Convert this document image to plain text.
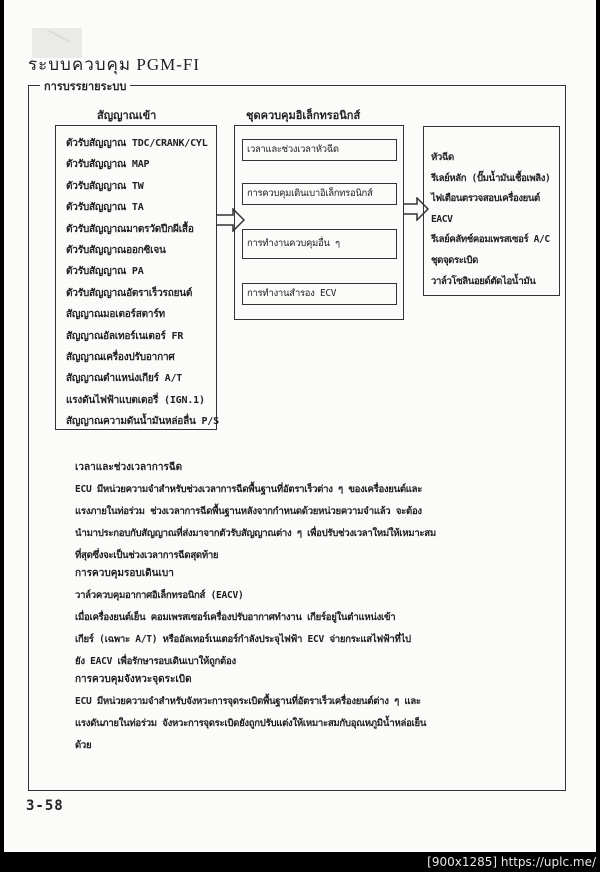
ระบบควบคุม PGM-FI
การบรรยายระบบ
สัญญาณเข้า
ตัวรับสัญญาณ TDC/CRANK/CYL
ตัวรับสัญญาณ MAP
ตัวรับสัญญาณ TW
ตัวรับสัญญาณ TA
ตัวรับสัญญาณมาตรวัดปีกผีเสื้อ
ตัวรับสัญญาณออกซิเจน
ตัวรับสัญญาณ PA
ตัวรับสัญญาณอัตราเร็วรถยนต์
สัญญาณมอเตอร์สตาร์ท
สัญญาณอัลเทอร์เนเตอร์ FR
สัญญาณเครื่องปรับอากาศ
สัญญาณตำแหน่งเกียร์ A/T
แรงดันไฟฟ้าแบตเตอรี่ (IGN.1)
สัญญาณความดันน้ำมันหล่อลื่น P/S
ชุดควบคุมอิเล็กทรอนิกส์
เวลาและช่วงเวลาหัวฉีด
การควบคุมเดินเบาอิเล็กทรอนิกส์
การทำงานควบคุมอื่น ๆ
การทำงานสำรอง ECV
หัวฉีด
รีเลย์หลัก (ปั๊มน้ำมันเชื้อเพลิง)
ไฟเตือนตรวจสอบเครื่องยนต์
EACV
รีเลย์คลัทช์คอมเพรสเซอร์ A/C
ชุดจุดระเบิด
วาล์วโซลินอยด์ตัดไอน้ำมัน
เวลาและช่วงเวลาการฉีด

ECU มีหน่วยความจำสำหรับช่วงเวลาการฉีดพื้นฐานที่อัตราเร็วต่าง ๆ ของเครื่องยนต์และ
แรงภายในท่อร่วม ช่วงเวลาการฉีดพื้นฐานหลังจากกำหนดด้วยหน่วยความจำแล้ว จะต้อง
นำมาประกอบกับสัญญาณที่ส่งมาจากตัวรับสัญญาณต่าง ๆ เพื่อปรับช่วงเวลาใหม่ให้เหมาะสม
ที่สุดซึ่งจะเป็นช่วงเวลาการฉีดสุดท้าย

การควบคุมรอบเดินเบา

วาล์วควบคุมอากาศอิเล็กทรอนิกส์ (EACV)
เมื่อเครื่องยนต์เย็น คอมเพรสเซอร์เครื่องปรับอากาศทำงาน เกียร์อยู่ในตำแหน่งเข้า
เกียร์ (เฉพาะ A/T) หรืออัลเทอร์เนเตอร์กำลังประจุไฟฟ้า ECV จ่ายกระแสไฟฟ้าที่ไป
ยัง EACV เพื่อรักษารอบเดินเบาให้ถูกต้อง

การควบคุมจังหวะจุดระเบิด

ECU มีหน่วยความจำสำหรับจังหวะการจุดระเบิดพื้นฐานที่อัตราเร็วเครื่องยนต์ต่าง ๆ และ
แรงดันภายในท่อร่วม จังหวะการจุดระเบิดยังถูกปรับแต่งให้เหมาะสมกับอุณหภูมิน้ำหล่อเย็น
ด้วย

3-58
[900x1285] https://uplc.me/
